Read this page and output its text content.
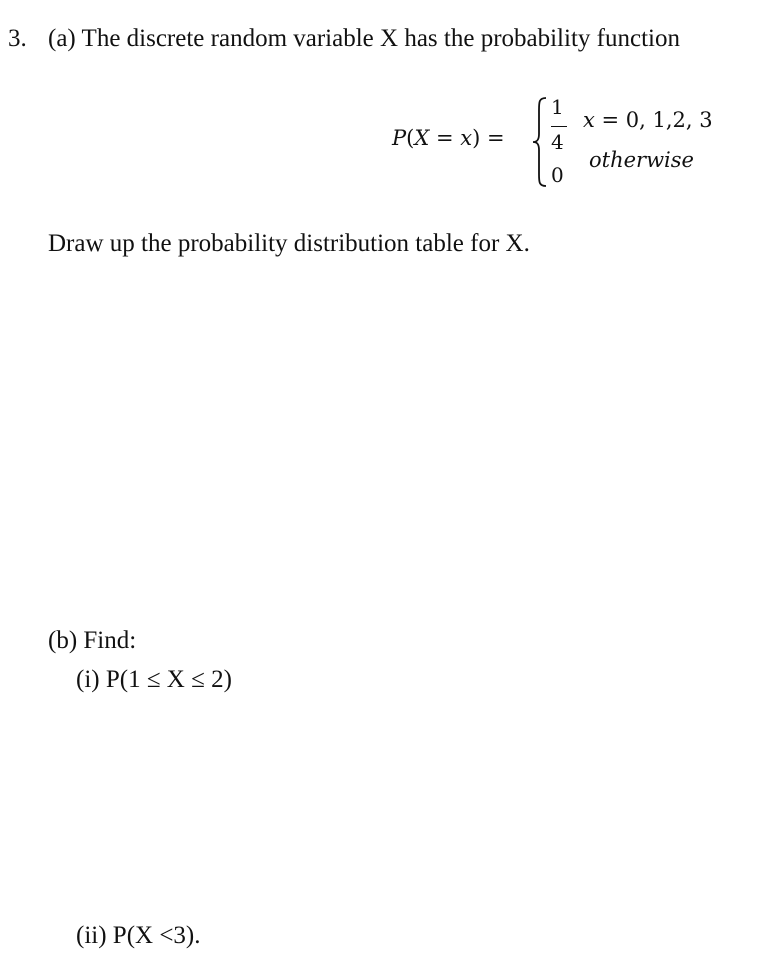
3. (a) The discrete random variable X has the probability function
P(X = x) =
1
4
0
x = 0, 1,2, 3
otherwise
Draw up the probability distribution table for X.
(b) Find:
(i) P(1 ≤ X ≤ 2)
(ii) P(X <3).
